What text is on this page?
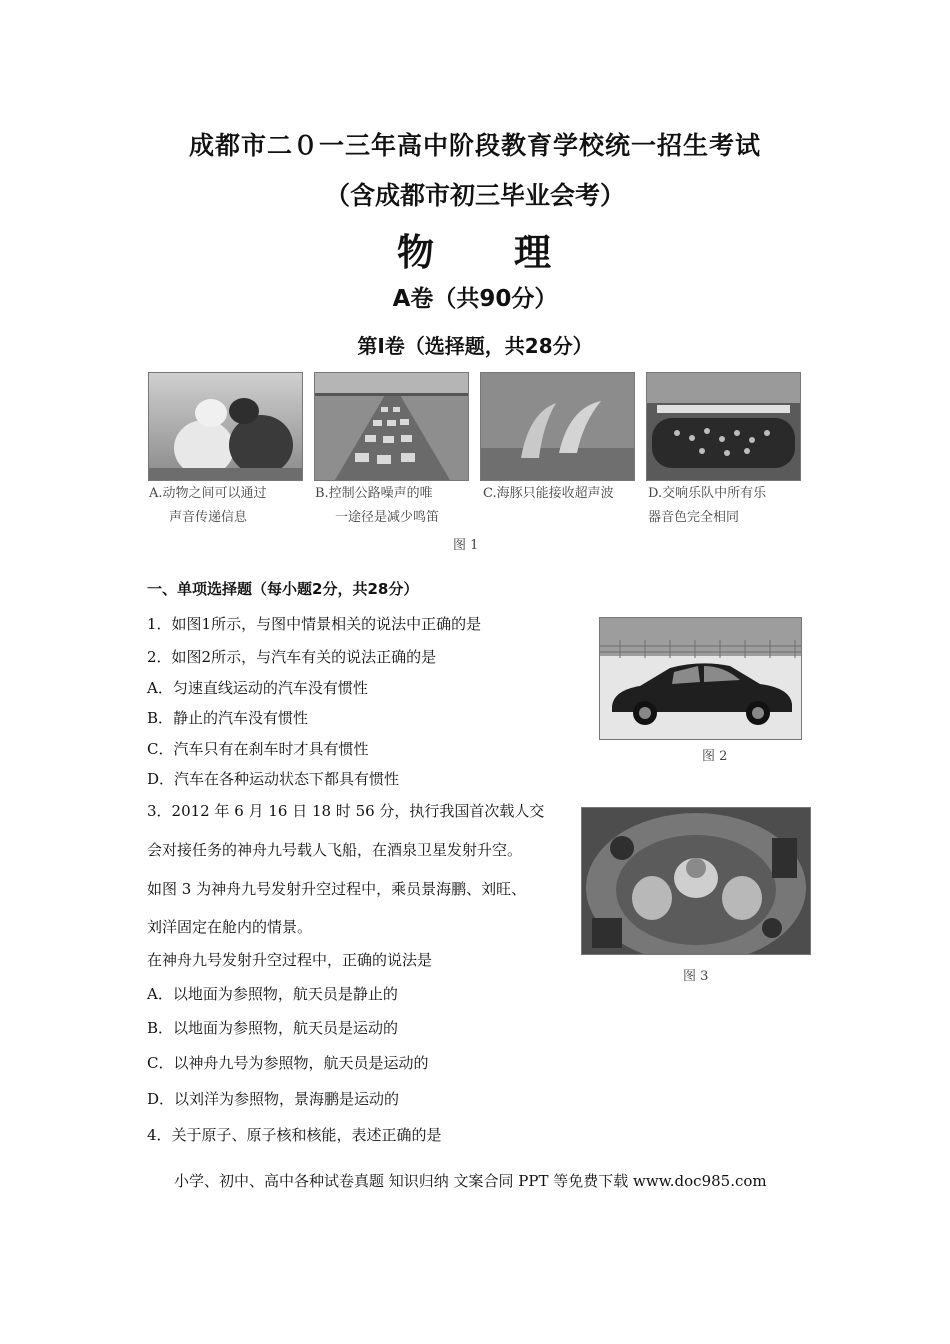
成都市二０一三年高中阶段教育学校统一招生考试
（含成都市初三毕业会考）
物　　理
A卷（共90分）
第Ⅰ卷（选择题，共28分）
A.动物之间可以通过
声音传递信息
B.控制公路噪声的唯
一途径是减少鸣笛
C.海豚只能接收超声波	D.交响乐队中所有乐
器音色完全相同
图 1
一、单项选择题（每小题2分，共28分）
1．如图1所示，与图中情景相关的说法中正确的是
2．如图2所示，与汽车有关的说法正确的是
A．匀速直线运动的汽车没有惯性
B．静止的汽车没有惯性
C．汽车只有在刹车时才具有惯性
D．汽车在各种运动状态下都具有惯性
图 2
3．2012 年 6 月 16 日 18 时 56 分，执行我国首次载人交
会对接任务的神舟九号载人飞船，在酒泉卫星发射升空。
如图 3 为神舟九号发射升空过程中，乘员景海鹏、刘旺、
刘洋固定在舱内的情景。
在神舟九号发射升空过程中，正确的说法是
A．以地面为参照物，航天员是静止的
B．以地面为参照物，航天员是运动的
C．以神舟九号为参照物，航天员是运动的
D．以刘洋为参照物，景海鹏是运动的
4．关于原子、原子核和核能，表述正确的是
图 3
小学、初中、高中各种试卷真题 知识归纳 文案合同 PPT 等免费下载 www.doc985.com
